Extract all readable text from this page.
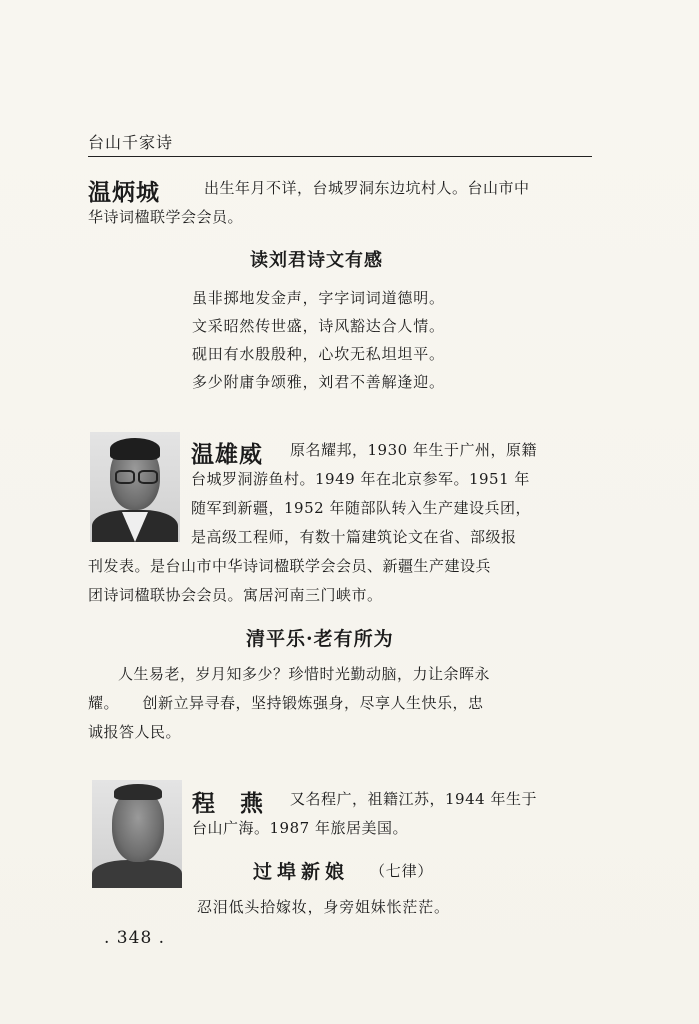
台山千家诗
温炳城	出生年月不详，台城罗洞东边坑村人。台山市中
华诗词楹联学会会员。
读刘君诗文有感
虽非掷地发金声，字字词词道德明。
文采昭然传世盛，诗风豁达合人情。
砚田有水殷殷种，心坎无私坦坦平。
多少附庸争颂雅，刘君不善解逢迎。
温雄威 原名耀邦，1930 年生于广州，原籍
台城罗洞游鱼村。1949 年在北京参军。1951 年
随军到新疆，1952 年随部队转入生产建设兵团，
是高级工程师，有数十篇建筑论文在省、部级报
刊发表。是台山市中华诗词楹联学会会员、新疆生产建设兵
团诗词楹联协会会员。寓居河南三门峡市。
清平乐·老有所为
人生易老，岁月知多少？珍惜时光勤动脑，力让余晖永
耀。　　创新立异寻春，坚持锻炼强身，尽享人生快乐，忠
诚报答人民。
程　燕 又名程广，祖籍江苏，1944 年生于
台山广海。1987 年旅居美国。
过埠新娘 （七律）
忍泪低头拾嫁妆，身旁姐妹怅茫茫。
. 348 .
